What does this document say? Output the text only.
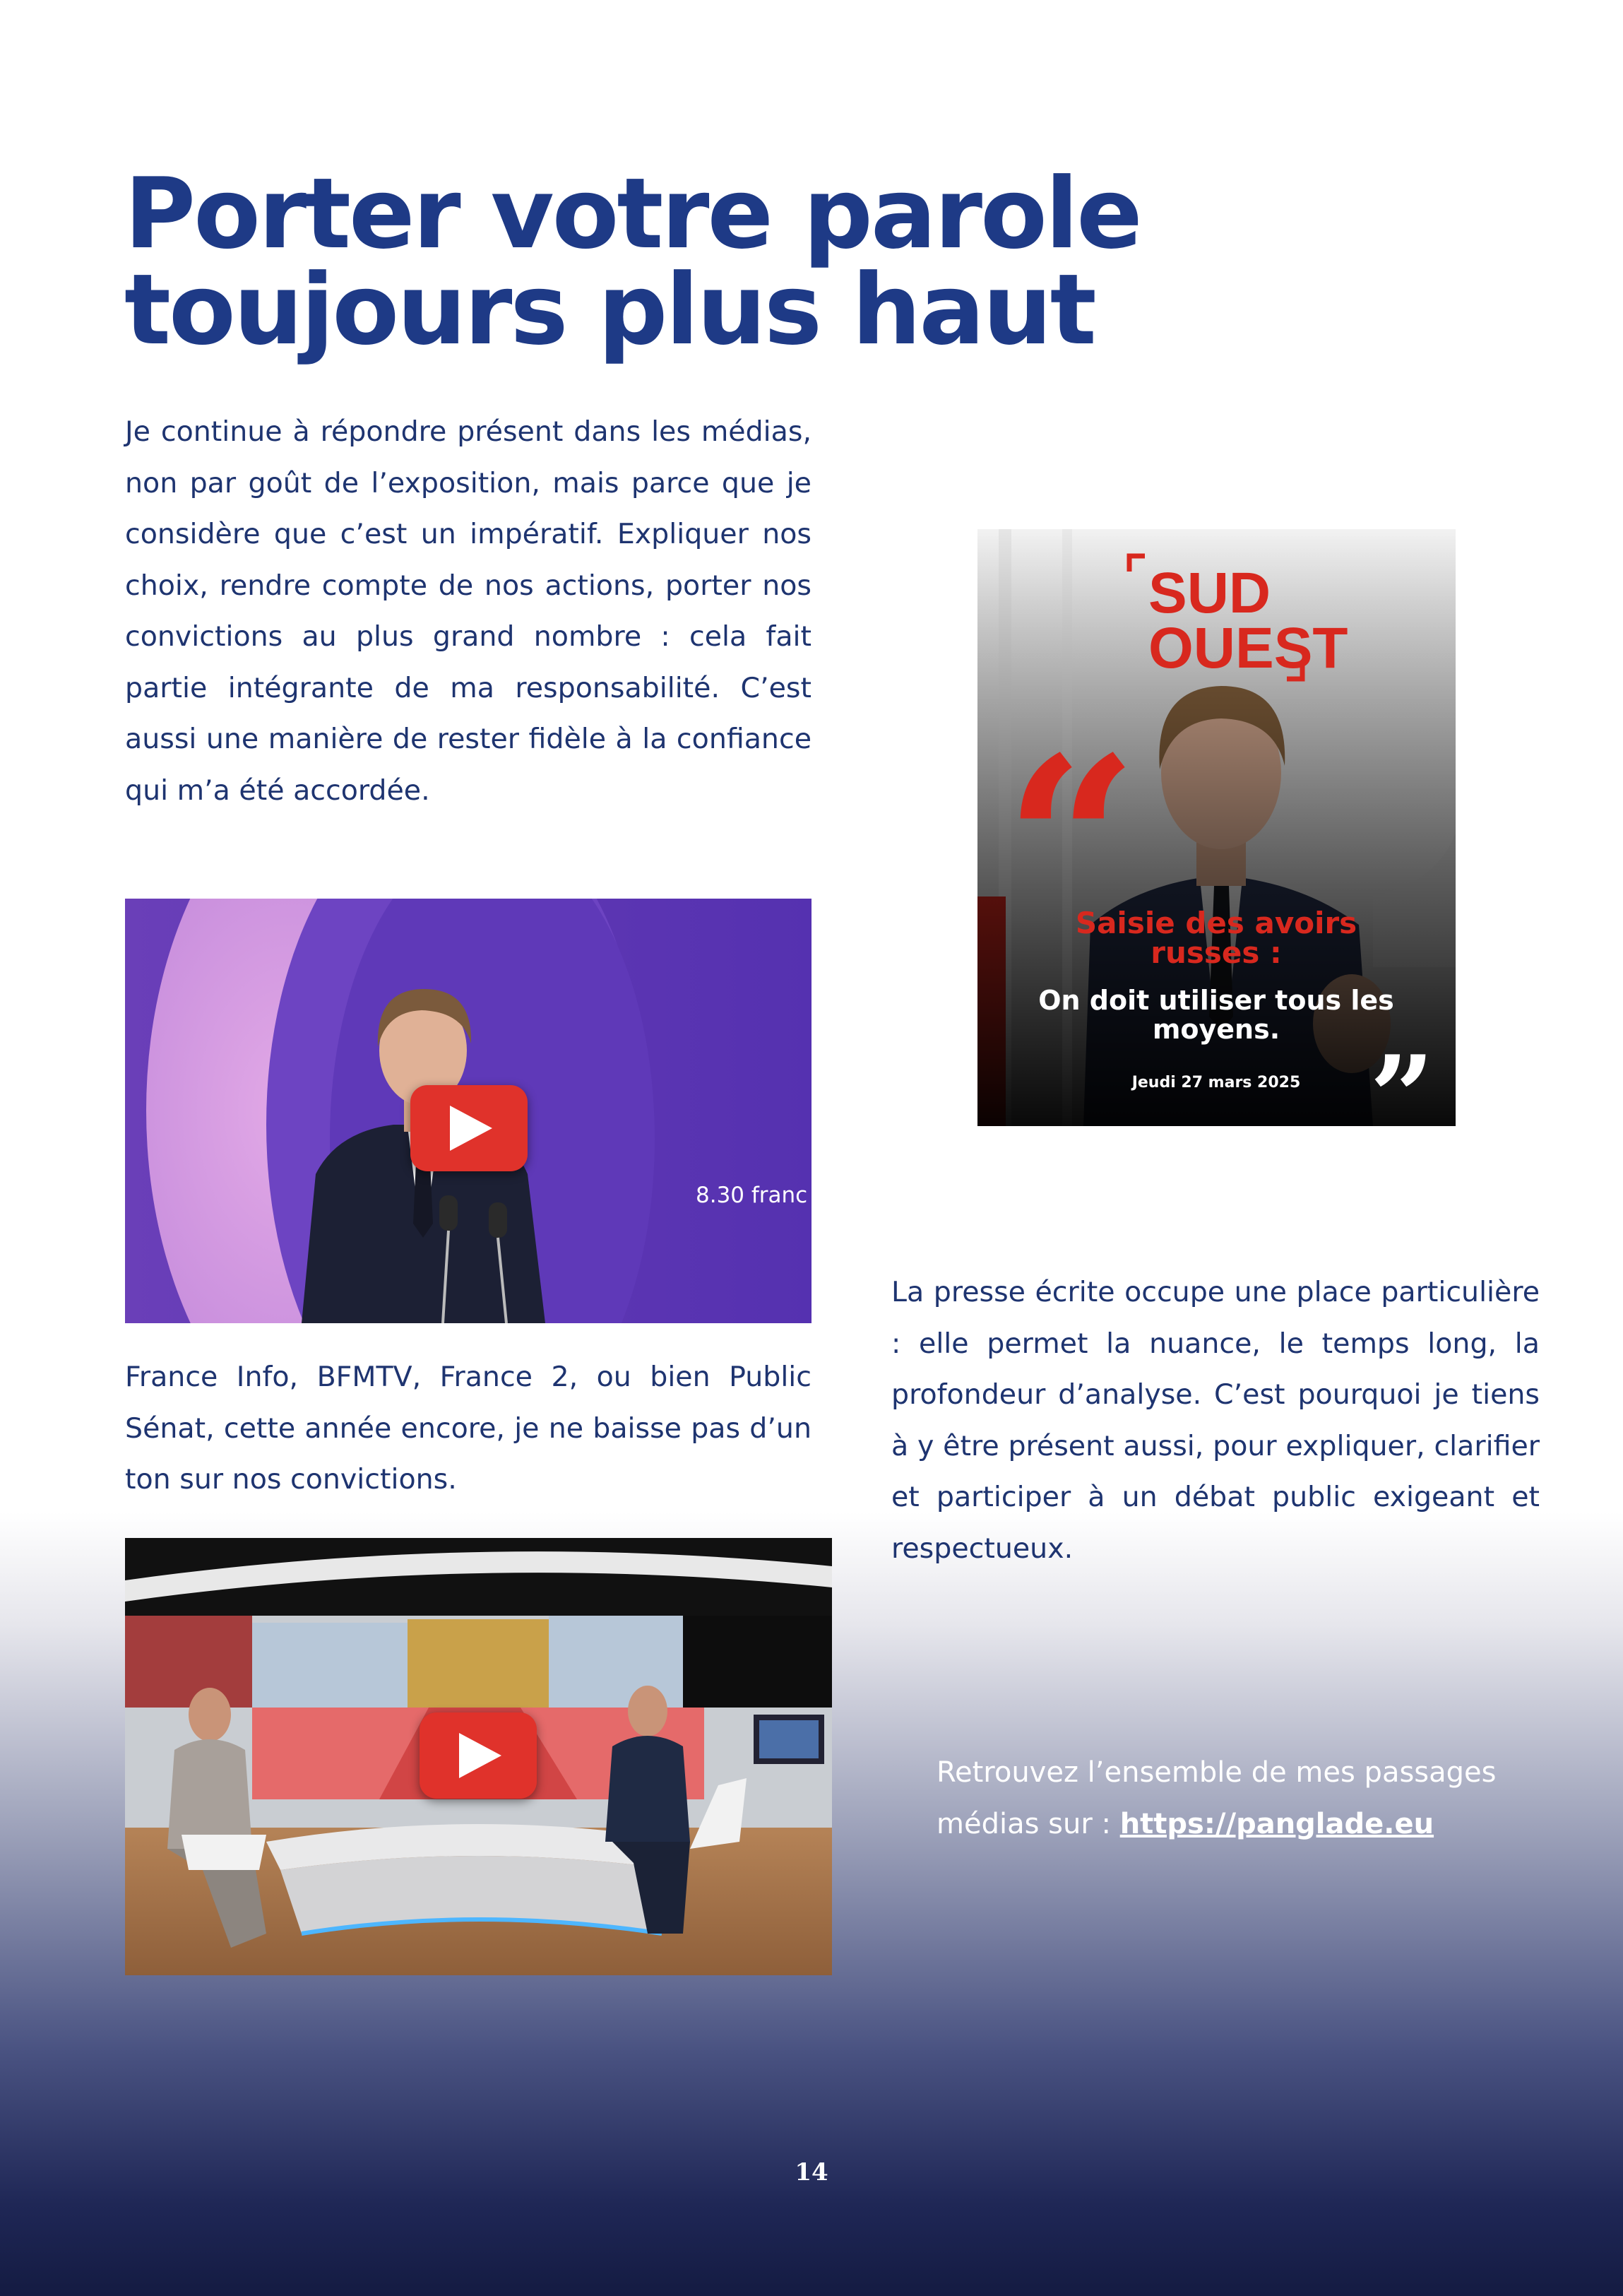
Porter votre parole toujours plus haut

Je continue à répondre présent dans les médias, non par goût de l’exposition, mais parce que je considère que c’est un impératif. Expliquer nos choix, rendre compte de nos actions, porter nos convictions au plus grand nombre : cela fait partie intégrante de ma responsabilité. C’est aussi une manière de rester fidèle à la confiance qui m’a été accordée.

8.30 franc

France Info, BFMTV, France 2, ou bien Public Sénat, cette année encore, je ne baisse pas d’un ton sur nos convictions.

SUD
OUEST
“
”
Saisie des avoirs
russes :
On doit utiliser tous les
moyens.
Jeudi 27 mars 2025

La presse écrite occupe une place particulière : elle permet la nuance, le temps long, la profondeur d’analyse. C’est pourquoi je tiens à y être présent aussi, pour expliquer, clarifier et participer à un débat public exigeant et respectueux.

Retrouvez l’ensemble de mes passages médias sur : https://panglade.eu

14
